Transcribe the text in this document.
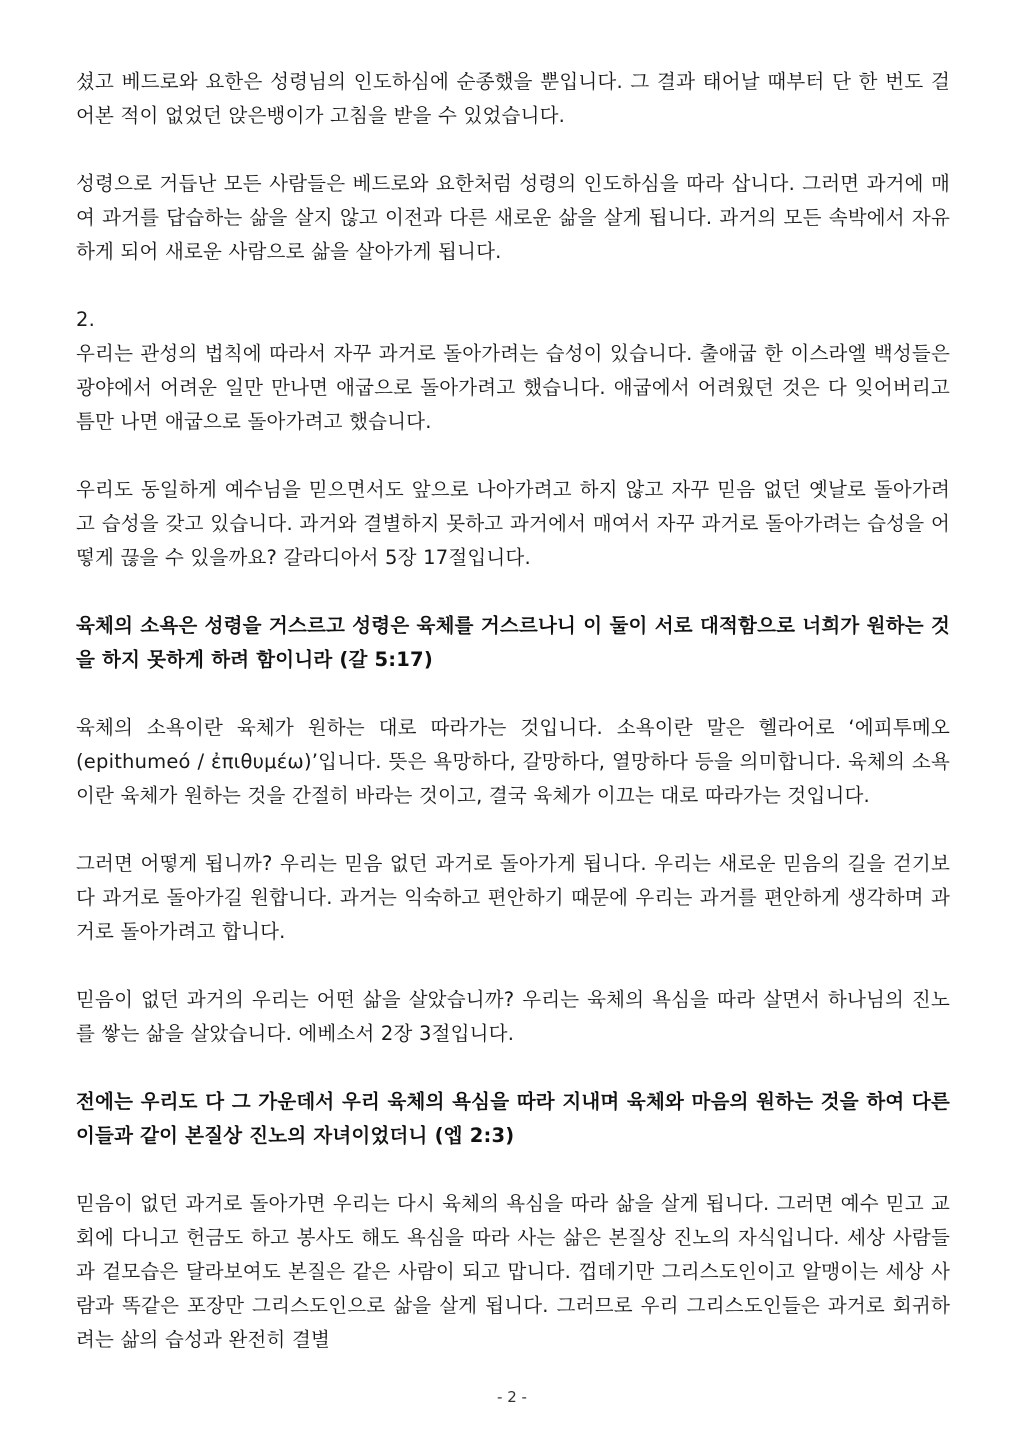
셨고 베드로와 요한은 성령님의 인도하심에 순종했을 뿐입니다. 그 결과 태어날 때부터 단 한 번도 걸어본 적이 없었던 앉은뱅이가 고침을 받을 수 있었습니다.

성령으로 거듭난 모든 사람들은 베드로와 요한처럼 성령의 인도하심을 따라 삽니다. 그러면 과거에 매여 과거를 답습하는 삶을 살지 않고 이전과 다른 새로운 삶을 살게 됩니다. 과거의 모든 속박에서 자유하게 되어 새로운 사람으로 삶을 살아가게 됩니다.

2.

우리는 관성의 법칙에 따라서 자꾸 과거로 돌아가려는 습성이 있습니다. 출애굽 한 이스라엘 백성들은 광야에서 어려운 일만 만나면 애굽으로 돌아가려고 했습니다. 애굽에서 어려웠던 것은 다 잊어버리고 틈만 나면 애굽으로 돌아가려고 했습니다.

우리도 동일하게 예수님을 믿으면서도 앞으로 나아가려고 하지 않고 자꾸 믿음 없던 옛날로 돌아가려고 습성을 갖고 있습니다. 과거와 결별하지 못하고 과거에서 매여서 자꾸 과거로 돌아가려는 습성을 어떻게 끊을 수 있을까요? 갈라디아서 5장 17절입니다.

육체의 소욕은 성령을 거스르고 성령은 육체를 거스르나니 이 둘이 서로 대적함으로 너희가 원하는 것을 하지 못하게 하려 함이니라 (갈 5:17)

육체의 소욕이란 육체가 원하는 대로 따라가는 것입니다. 소욕이란 말은 헬라어로 ‘에피투메오(epithumeó / ἐπιθυμέω)’입니다. 뜻은 욕망하다, 갈망하다, 열망하다 등을 의미합니다. 육체의 소욕이란 육체가 원하는 것을 간절히 바라는 것이고, 결국 육체가 이끄는 대로 따라가는 것입니다.

그러면 어떻게 됩니까? 우리는 믿음 없던 과거로 돌아가게 됩니다. 우리는 새로운 믿음의 길을 걷기보다 과거로 돌아가길 원합니다. 과거는 익숙하고 편안하기 때문에 우리는 과거를 편안하게 생각하며 과거로 돌아가려고 합니다.

믿음이 없던 과거의 우리는 어떤 삶을 살았습니까? 우리는 육체의 욕심을 따라 살면서 하나님의 진노를 쌓는 삶을 살았습니다. 에베소서 2장 3절입니다.

전에는 우리도 다 그 가운데서 우리 육체의 욕심을 따라 지내며 육체와 마음의 원하는 것을 하여 다른 이들과 같이 본질상 진노의 자녀이었더니 (엡 2:3)

믿음이 없던 과거로 돌아가면 우리는 다시 육체의 욕심을 따라 삶을 살게 됩니다. 그러면 예수 믿고 교회에 다니고 헌금도 하고 봉사도 해도 욕심을 따라 사는 삶은 본질상 진노의 자식입니다. 세상 사람들과 겉모습은 달라보여도 본질은 같은 사람이 되고 맙니다. 껍데기만 그리스도인이고 알맹이는 세상 사람과 똑같은 포장만 그리스도인으로 삶을 살게 됩니다. 그러므로 우리 그리스도인들은 과거로 회귀하려는 삶의 습성과 완전히 결별

- 2 -
